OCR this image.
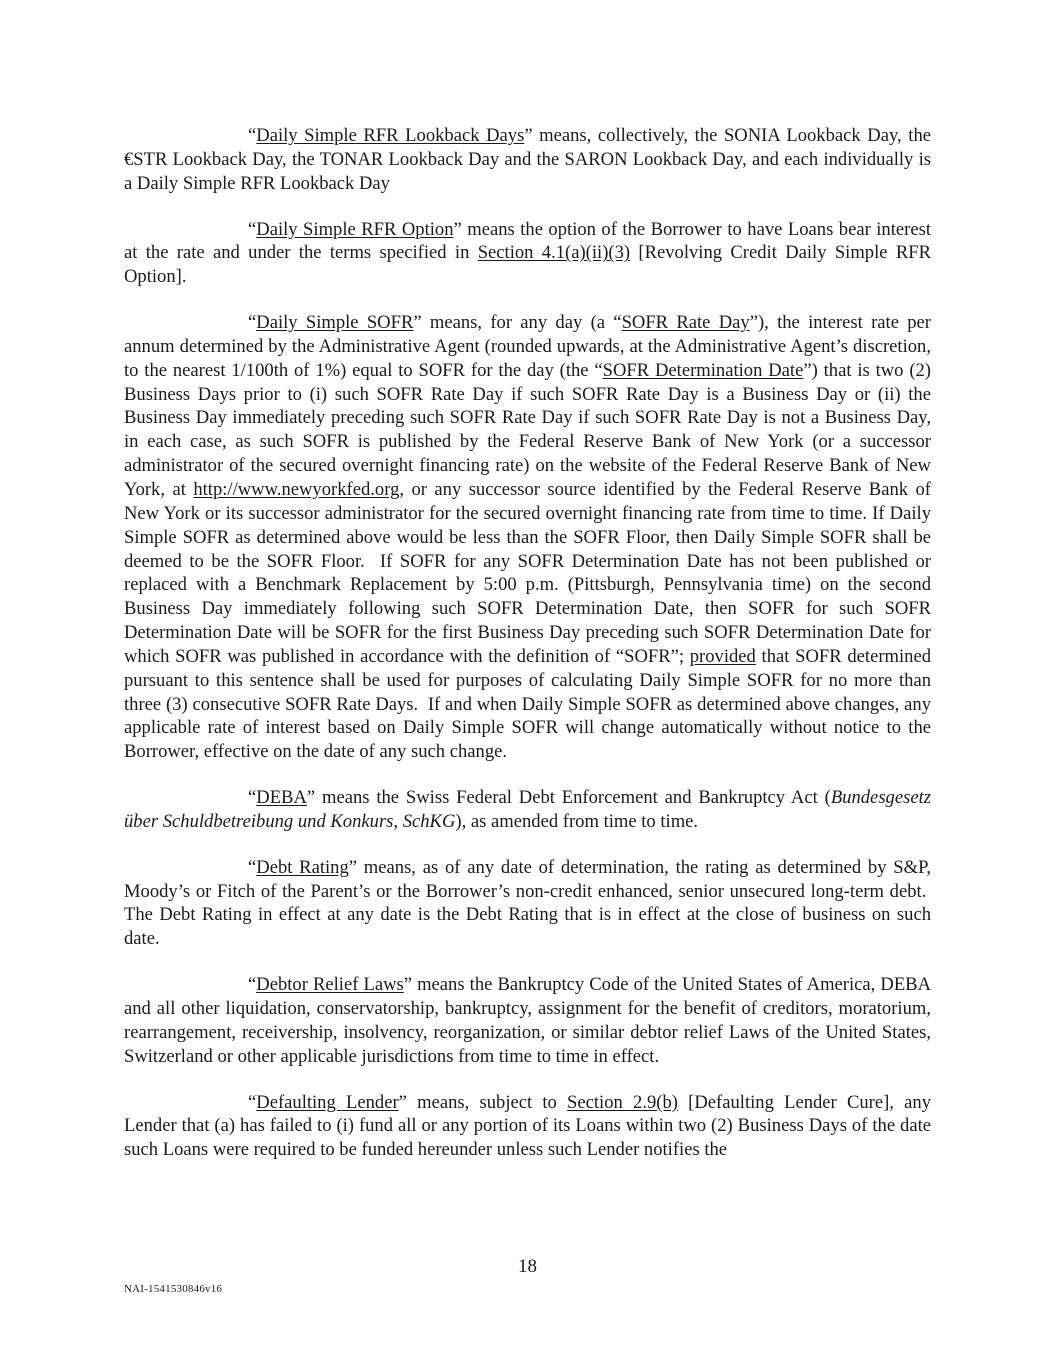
“Daily Simple RFR Lookback Days” means, collectively, the SONIA Lookback Day, the €STR Lookback Day, the TONAR Lookback Day and the SARON Lookback Day, and each individually is a Daily Simple RFR Lookback Day

“Daily Simple RFR Option” means the option of the Borrower to have Loans bear interest at the rate and under the terms specified in Section 4.1(a)(ii)(3) [Revolving Credit Daily Simple RFR Option].

“Daily Simple SOFR” means, for any day (a “SOFR Rate Day”), the interest rate per annum determined by the Administrative Agent (rounded upwards, at the Administrative Agent’s discretion, to the nearest 1/100th of 1%) equal to SOFR for the day (the “SOFR Determination Date”) that is two (2) Business Days prior to (i) such SOFR Rate Day if such SOFR Rate Day is a Business Day or (ii) the Business Day immediately preceding such SOFR Rate Day if such SOFR Rate Day is not a Business Day, in each case, as such SOFR is published by the Federal Reserve Bank of New York (or a successor administrator of the secured overnight financing rate) on the website of the Federal Reserve Bank of New York, at http://www.newyorkfed.org, or any successor source identified by the Federal Reserve Bank of New York or its successor administrator for the secured overnight financing rate from time to time. If Daily Simple SOFR as determined above would be less than the SOFR Floor, then Daily Simple SOFR shall be deemed to be the SOFR Floor.  If SOFR for any SOFR Determination Date has not been published or replaced with a Benchmark Replacement by 5:00 p.m. (Pittsburgh, Pennsylvania time) on the second Business Day immediately following such SOFR Determination Date, then SOFR for such SOFR Determination Date will be SOFR for the first Business Day preceding such SOFR Determination Date for which SOFR was published in accordance with the definition of “SOFR”; provided that SOFR determined pursuant to this sentence shall be used for purposes of calculating Daily Simple SOFR for no more than three (3) consecutive SOFR Rate Days.  If and when Daily Simple SOFR as determined above changes, any applicable rate of interest based on Daily Simple SOFR will change automatically without notice to the Borrower, effective on the date of any such change.

“DEBA” means the Swiss Federal Debt Enforcement and Bankruptcy Act (Bundesgesetz über Schuldbetreibung und Konkurs, SchKG), as amended from time to time.

“Debt Rating” means, as of any date of determination, the rating as determined by S&P, Moody’s or Fitch of the Parent’s or the Borrower’s non-credit enhanced, senior unsecured long-term debt.  The Debt Rating in effect at any date is the Debt Rating that is in effect at the close of business on such date.

“Debtor Relief Laws” means the Bankruptcy Code of the United States of America, DEBA and all other liquidation, conservatorship, bankruptcy, assignment for the benefit of creditors, moratorium, rearrangement, receivership, insolvency, reorganization, or similar debtor relief Laws of the United States, Switzerland or other applicable jurisdictions from time to time in effect.

“Defaulting Lender” means, subject to Section 2.9(b) [Defaulting Lender Cure], any Lender that (a) has failed to (i) fund all or any portion of its Loans within two (2) Business Days of the date such Loans were required to be funded hereunder unless such Lender notifies the

18
NAI-1541530846v16
